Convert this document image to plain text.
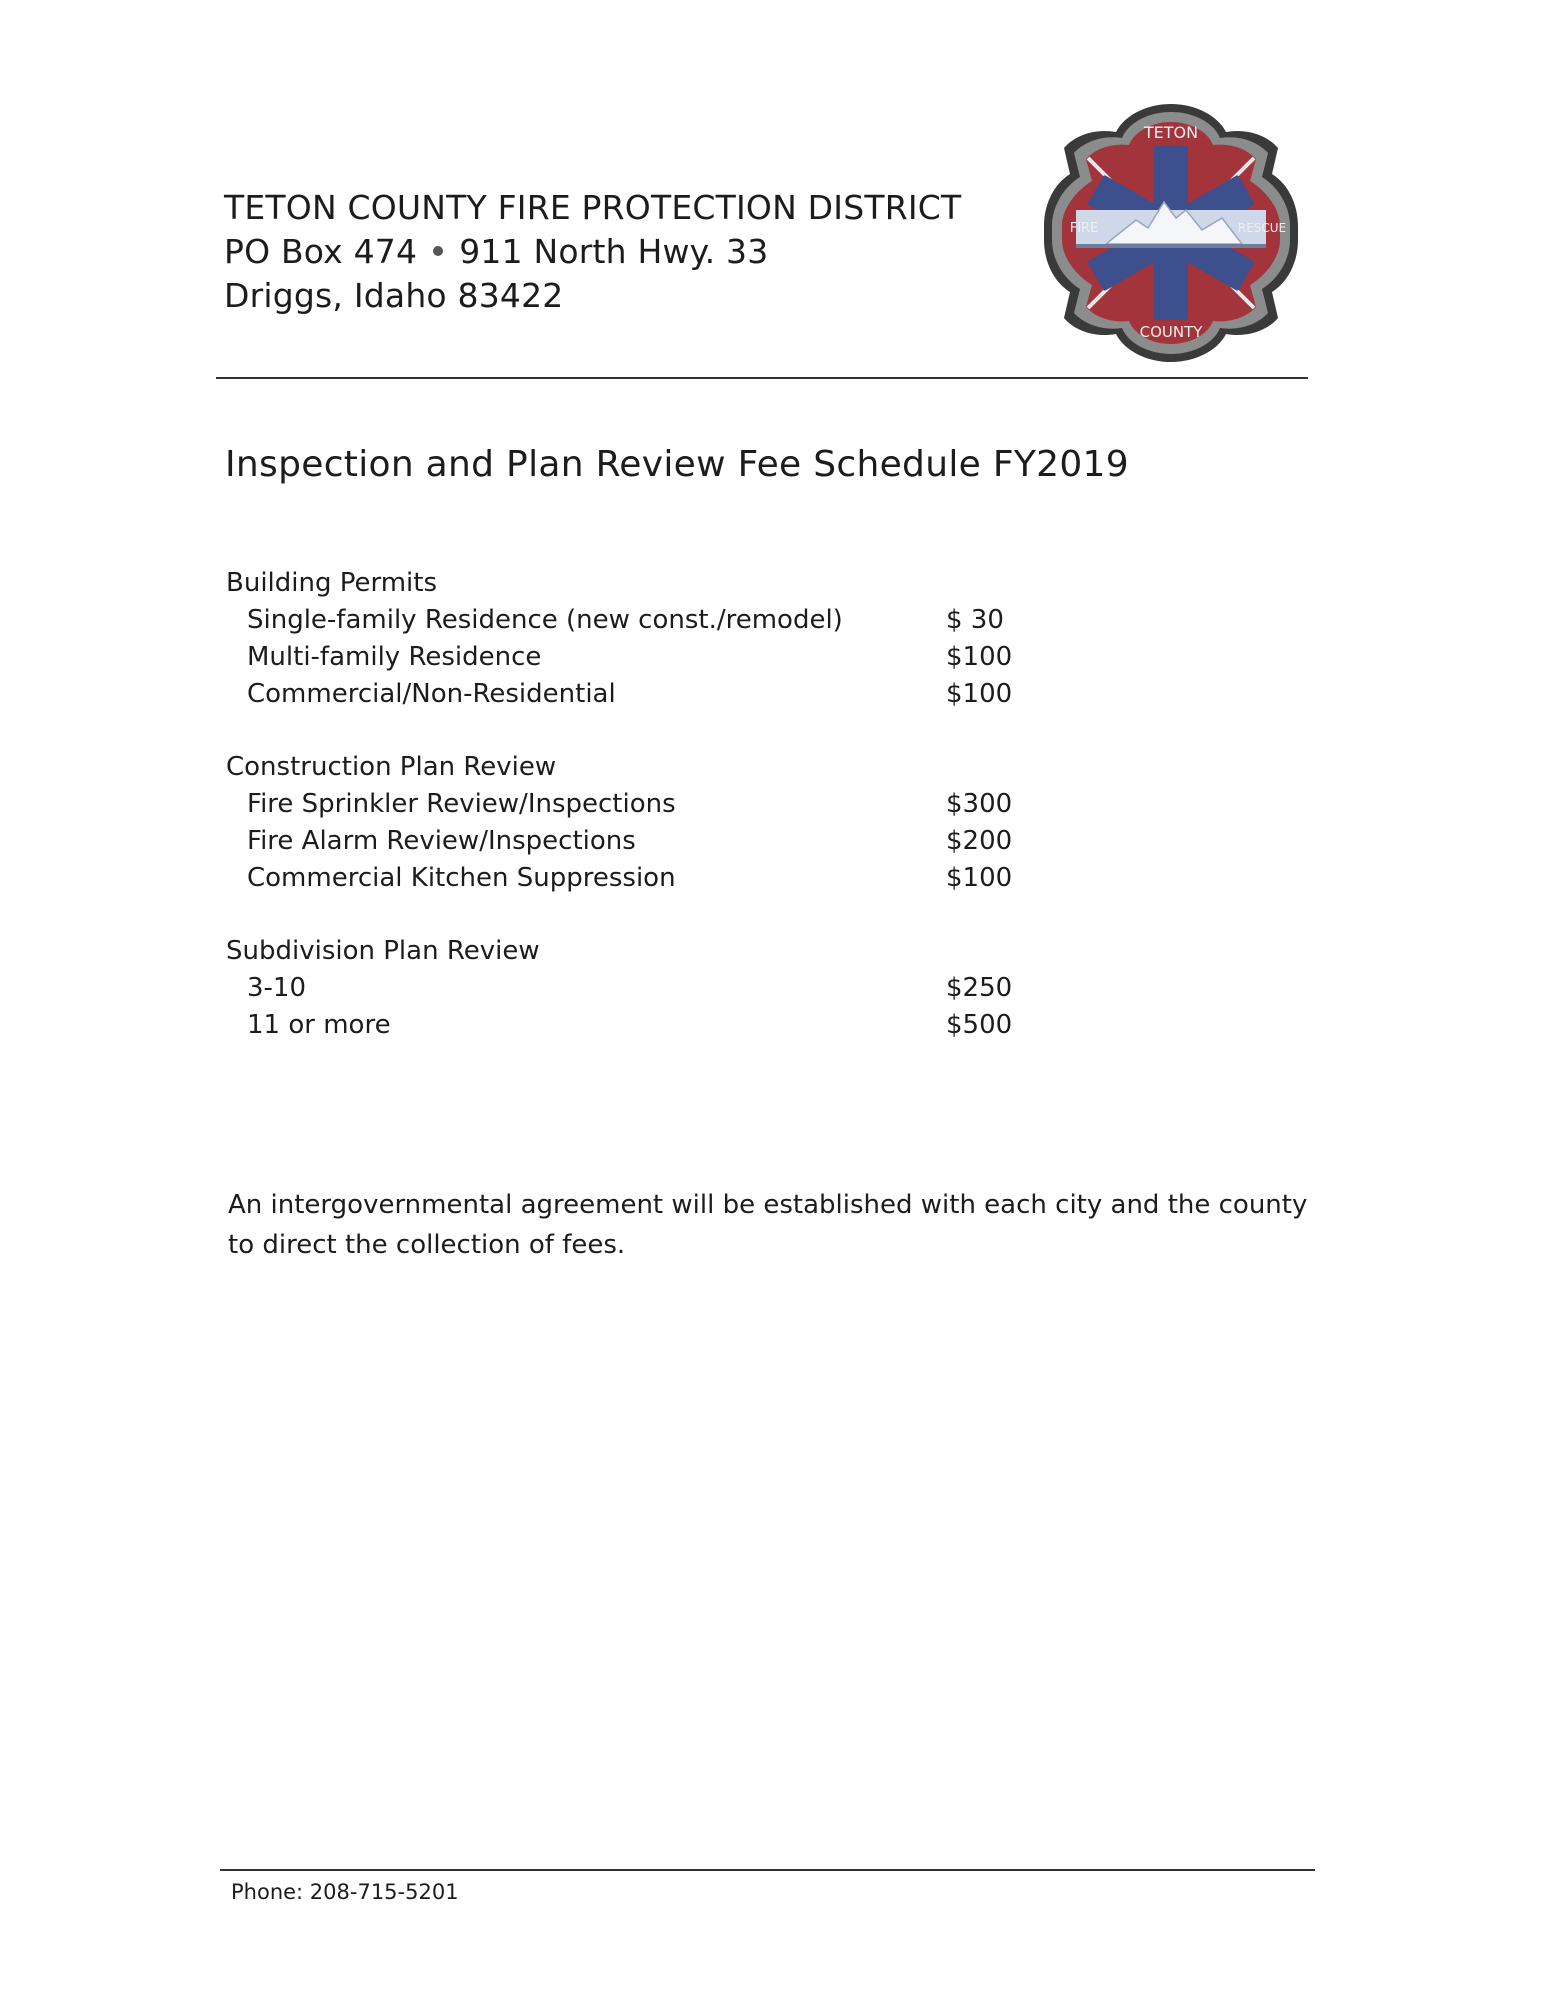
TETON COUNTY FIRE PROTECTION DISTRICT
PO Box 474 911 North Hwy. 33
Driggs, Idaho 83422
TETON
FIRE	RESCUE
COUNTY
Inspection and Plan Review Fee Schedule FY2019
Building Permits
Single-family Residence (new const./remodel)	$ 30
Multi-family Residence	$100
Commercial/Non-Residential	$100
Construction Plan Review
Fire Sprinkler Review/Inspections	$300
Fire Alarm Review/Inspections	$200
Commercial Kitchen Suppression	$100
Subdivision Plan Review
3-10	$250
11 or more	$500
An intergovernmental agreement will be established with each city and the county to direct the collection of fees.
Phone: 208-715-5201
